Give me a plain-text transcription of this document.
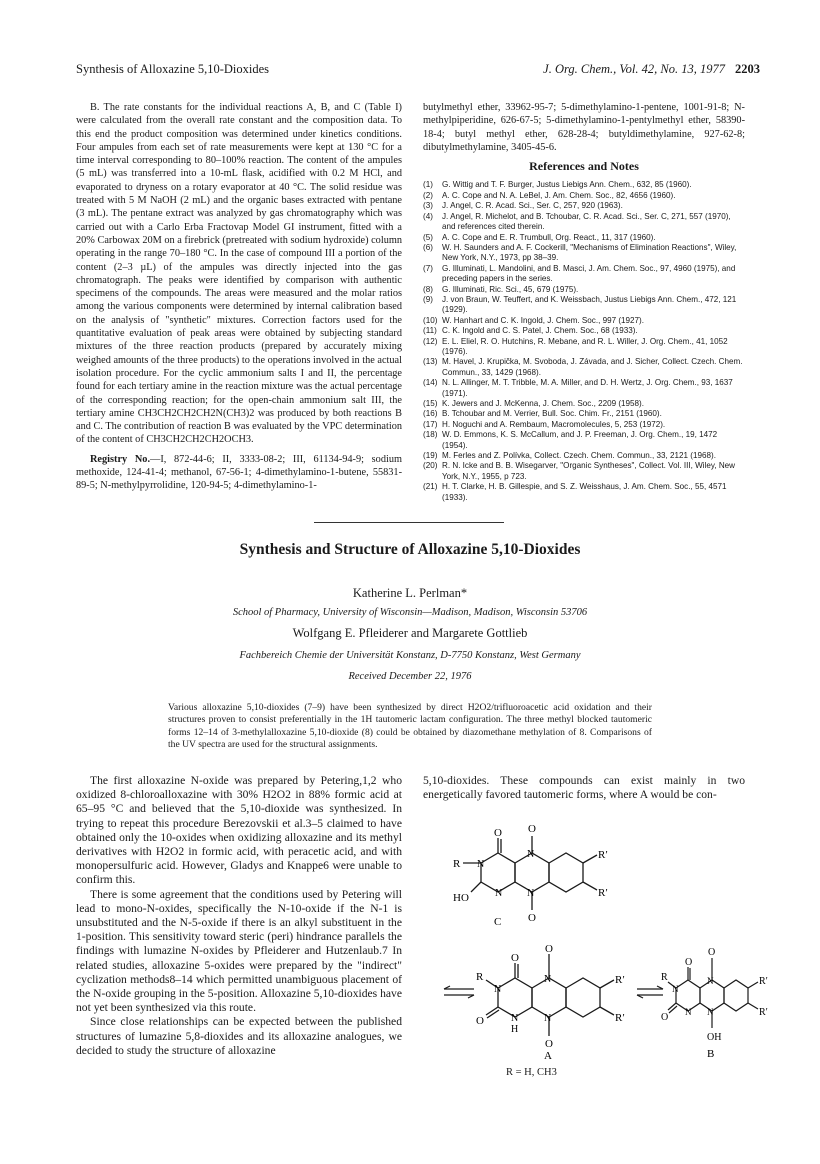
Synthesis of Alloxazine 5,10-Dioxides	J. Org. Chem., Vol. 42, No. 13, 1977 2203

B. The rate constants for the individual reactions A, B, and C (Table I) were calculated from the overall rate constant and the composition data. To this end the product composition was determined under kinetics conditions. Four ampules from each set of rate measurements were kept at 130 °C for a time interval corresponding to 80–100% reaction. The content of the ampules (5 mL) was transferred into a 10-mL flask, acidified with 0.2 M HCl, and evaporated to dryness on a rotary evaporator at 40 °C. The solid residue was treated with 5 M NaOH (2 mL) and the organic bases extracted with pentane (3 mL). The pentane extract was analyzed by gas chromatography which was carried out with a Carlo Erba Fractovap Model GI instrument, fitted with a 20% Carbowax 20M on a firebrick (pretreated with sodium hydroxide) column operating in the range 70–180 °C. In the case of compound III a portion of the content (2–3 µL) of the ampules was directly injected into the gas chromatograph. The peaks were identified by comparison with authentic specimens of the compounds. The areas were measured and the molar ratios among the various components were determined by internal calibration based on the analysis of "synthetic" mixtures. Correction factors used for the quantitative evaluation of peak areas were obtained by subjecting standard mixtures of the three reaction products (prepared by accurately mixing weighed amounts of the three products) to the operations involved in the actual isolation procedure. For the cyclic ammonium salts I and II, the percentage found for each tertiary amine in the reaction mixture was the actual percentage of the corresponding reaction; for the open-chain ammonium salt III, the tertiary amine CH3CH2CH2CH2N(CH3)2 was produced by both reactions B and C. The contribution of reaction B was evaluated by the VPC determination of the content of CH3CH2CH2CH2OCH3.

Registry No.—I, 872-44-6; II, 3333-08-2; III, 61134-94-9; sodium methoxide, 124-41-4; methanol, 67-56-1; 4-dimethylamino-1-butene, 55831-89-5; N-methylpyrrolidine, 120-94-5; 4-dimethylamino-1-

butylmethyl ether, 33962-95-7; 5-dimethylamino-1-pentene, 1001-91-8; N-methylpiperidine, 626-67-5; 5-dimethylamino-1-pentylmethyl ether, 58390-18-4; butyl methyl ether, 628-28-4; butyldimethylamine, 927-62-8; dibutylmethylamine, 3405-45-6.

References and Notes
(1)	G. Wittig and T. F. Burger, Justus Liebigs Ann. Chem., 632, 85 (1960).
(2)	A. C. Cope and N. A. LeBel, J. Am. Chem. Soc., 82, 4656 (1960).
(3)	J. Angel, C. R. Acad. Sci., Ser. C, 257, 920 (1963).
(4)	J. Angel, R. Michelot, and B. Tchoubar, C. R. Acad. Sci., Ser. C, 271, 557 (1970), and references cited therein.
(5)	A. C. Cope and E. R. Trumbull, Org. React., 11, 317 (1960).
(6)	W. H. Saunders and A. F. Cockerill, "Mechanisms of Elimination Reactions", Wiley, New York, N.Y., 1973, pp 38–39.
(7)	G. Illuminati, L. Mandolini, and B. Masci, J. Am. Chem. Soc., 97, 4960 (1975), and preceding papers in the series.
(8)	G. Illuminati, Ric. Sci., 45, 679 (1975).
(9)	J. von Braun, W. Teuffert, and K. Weissbach, Justus Liebigs Ann. Chem., 472, 121 (1929).
(10) W. Hanhart and C. K. Ingold, J. Chem. Soc., 997 (1927).
(11) C. K. Ingold and C. S. Patel, J. Chem. Soc., 68 (1933).
(12) E. L. Eliel, R. O. Hutchins, R. Mebane, and R. L. Willer, J. Org. Chem., 41, 1052 (1976).
(13) M. Havel, J. Krupička, M. Svoboda, J. Závada, and J. Sicher, Collect. Czech. Chem. Commun., 33, 1429 (1968).
(14) N. L. Allinger, M. T. Tribble, M. A. Miller, and D. H. Wertz, J. Org. Chem., 93, 1637 (1971).
(15) K. Jewers and J. McKenna, J. Chem. Soc., 2209 (1958).
(16) B. Tchoubar and M. Verrier, Bull. Soc. Chim. Fr., 2151 (1960).
(17) H. Noguchi and A. Rembaum, Macromolecules, 5, 253 (1972).
(18) W. D. Emmons, K. S. McCallum, and J. P. Freeman, J. Org. Chem., 19, 1472 (1954).
(19) M. Ferles and Z. Polívka, Collect. Czech. Chem. Commun., 33, 2121 (1968).
(20) R. N. Icke and B. B. Wisegarver, "Organic Syntheses", Collect. Vol. III, Wiley, New York, N.Y., 1955, p 723.
(21) H. T. Clarke, H. B. Gillespie, and S. Z. Weisshaus, J. Am. Chem. Soc., 55, 4571 (1933).
Synthesis and Structure of Alloxazine 5,10-Dioxides
Katherine L. Perlman*
School of Pharmacy, University of Wisconsin—Madison, Madison, Wisconsin 53706
Wolfgang E. Pfleiderer and Margarete Gottlieb
Fachbereich Chemie der Universität Konstanz, D-7750 Konstanz, West Germany
Received December 22, 1976
Various alloxazine 5,10-dioxides (7–9) have been synthesized by direct H2O2/trifluoroacetic acid oxidation and their structures proven to consist preferentially in the 1H tautomeric lactam configuration. The three methyl blocked tautomeric forms 12–14 of 3-methylalloxazine 5,10-dioxide (8) could be obtained by diazomethane methylation of 8. Comparisons of the UV spectra are used for the structural assignments.

The first alloxazine N-oxide was prepared by Petering,1,2 who oxidized 8-chloroalloxazine with 30% H2O2 in 88% formic acid at 65–95 °C and believed that the 5,10-dioxide was synthesized. In trying to repeat this procedure Berezovskii et al.3–5 claimed to have obtained only the 10-oxides when oxidizing alloxazine and its methyl derivatives with H2O2 in formic acid, with peracetic acid, and with monopersulfuric acid. However, Gladys and Knappe6 were unable to confirm this.

There is some agreement that the conditions used by Petering will lead to mono-N-oxides, specifically the N-10-oxide if the N-1 is unsubstituted and the N-5-oxide if there is an alkyl substituent in the 1-position. This sensitivity toward steric (peri) hindrance parallels the findings with lumazine N-oxides by Pfleiderer and Hutzenlaub.7 In related studies, alloxazine 5-oxides were prepared by the "indirect" cyclization methods8–14 which permitted unambiguous placement of the N-oxide grouping in the 5-position. Alloxazine 5,10-dioxides have not yet been synthesized via this route.

Since close relationships can be expected between the published structures of lumazine 5,8-dioxides and its alloxazine analogues, we decided to study the structure of alloxazine

5,10-dioxides. These compounds can exist mainly in two energetically favored tautomeric forms, where A would be con-
O O
O
N
N
N
N
R
HO
R′
R′
C
O
O
O
O
N
N
N
H
N
R	R′
R′
A
O
O
O
OH
N
N
N
N
R	R′
R′
B
R = H, CH3
